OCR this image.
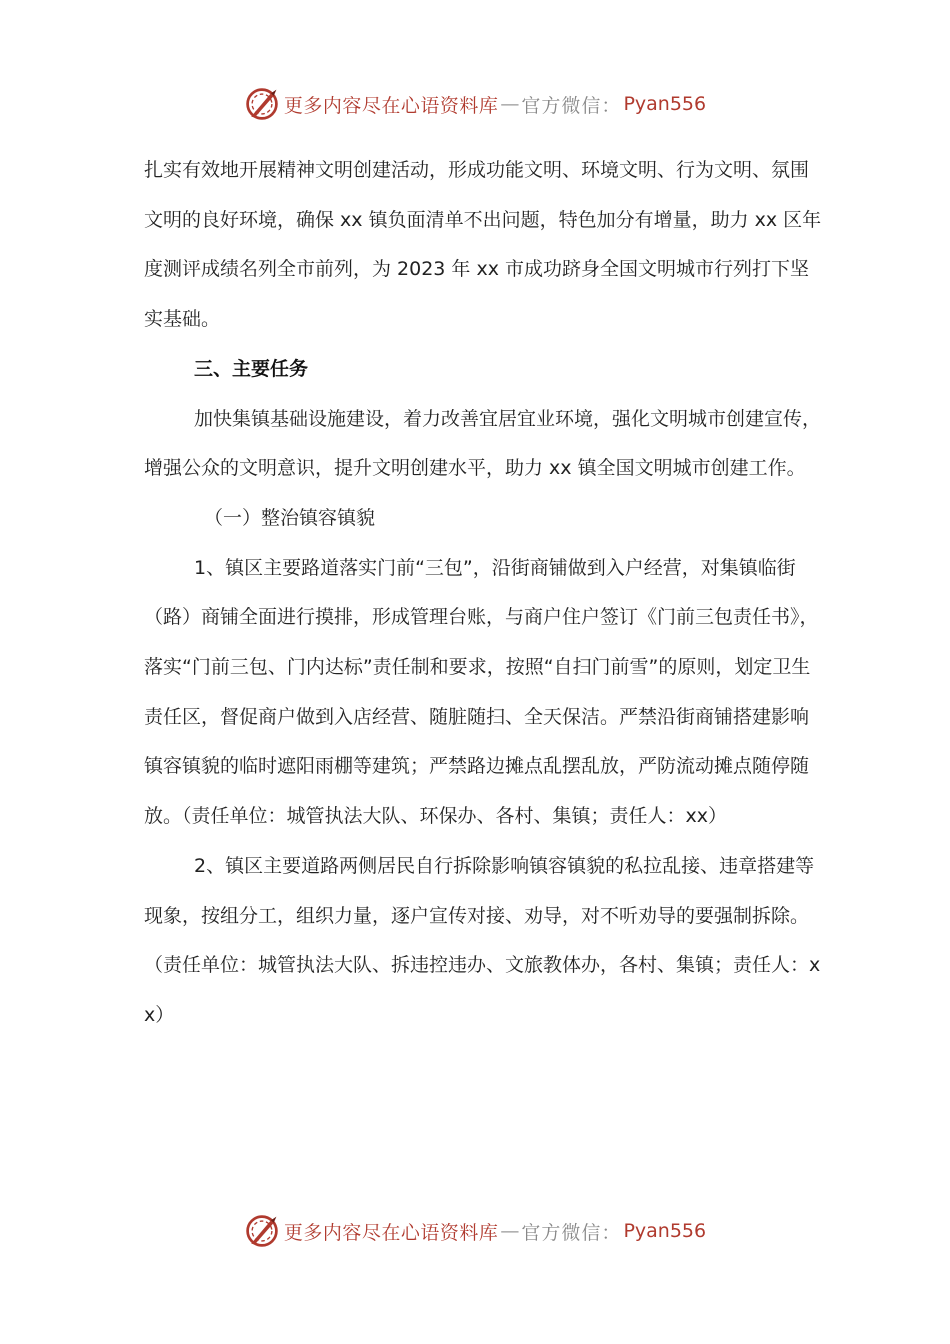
更多内容尽在心语资料库 — 官方微信： Pyan556

扎实有效地开展精神文明创建活动，形成功能文明、环境文明、行为文明、氛围文明的良好环境，确保 xx 镇负面清单不出问题，特色加分有增量，助力 xx 区年度测评成绩名列全市前列，为 2023 年 xx 市成功跻身全国文明城市行列打下坚实基础。

三、主要任务

加快集镇基础设施建设，着力改善宜居宜业环境，强化文明城市创建宣传，增强公众的文明意识，提升文明创建水平，助力 xx 镇全国文明城市创建工作。

（一）整治镇容镇貌

1、镇区主要路道落实门前“三包”，沿街商铺做到入户经营，对集镇临街（路）商铺全面进行摸排，形成管理台账，与商户住户签订《门前三包责任书》，落实“门前三包、门内达标”责任制和要求，按照“自扫门前雪”的原则，划定卫生责任区，督促商户做到入店经营、随脏随扫、全天保洁。严禁沿街商铺搭建影响镇容镇貌的临时遮阳雨棚等建筑；严禁路边摊点乱摆乱放，严防流动摊点随停随放。（责任单位：城管执法大队、环保办、各村、集镇；责任人：xx）

2、镇区主要道路两侧居民自行拆除影响镇容镇貌的私拉乱接、违章搭建等现象，按组分工，组织力量，逐户宣传对接、劝导，对不听劝导的要强制拆除。（责任单位：城管执法大队、拆违控违办、文旅教体办，各村、集镇；责任人：xx）

更多内容尽在心语资料库 — 官方微信： Pyan556
